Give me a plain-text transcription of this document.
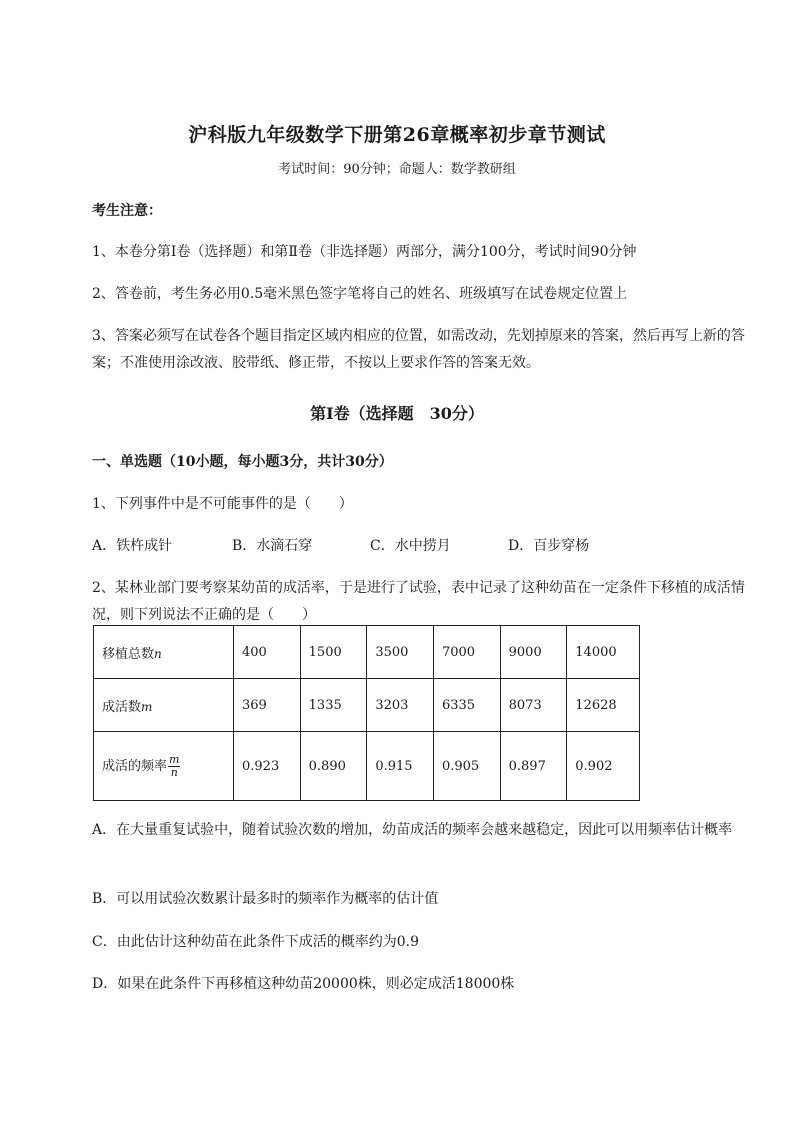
沪科版九年级数学下册第26章概率初步章节测试
考试时间：90分钟；命题人：数学教研组
考生注意：
1、本卷分第I卷（选择题）和第Ⅱ卷（非选择题）两部分，满分100分，考试时间90分钟
2、答卷前，考生务必用0.5毫米黑色签字笔将自己的姓名、班级填写在试卷规定位置上
3、答案必须写在试卷各个题目指定区域内相应的位置，如需改动，先划掉原来的答案，然后再写上新的答案；不准使用涂改液、胶带纸、修正带，不按以上要求作答的答案无效。
第I卷（选择题　30分）
一、单选题（10小题，每小题3分，共计30分）
1、下列事件中是不可能事件的是（　　）
A．铁杵成针	B．水滴石穿	C．水中捞月	D．百步穿杨
2、某林业部门要考察某幼苗的成活率，于是进行了试验，表中记录了这种幼苗在一定条件下移植的成活情况，则下列说法不正确的是（　　）
移植总数n	400	1500	3500	7000	9000	14000
成活数m	369	1335	3203	6335	8073	12628
成活的频率 $\frac{m}{n}$	0.923	0.890	0.915	0.905	0.897	0.902
A．在大量重复试验中，随着试验次数的增加，幼苗成活的频率会越来越稳定，因此可以用频率估计概率
B．可以用试验次数累计最多时的频率作为概率的估计值
C．由此估计这种幼苗在此条件下成活的概率约为0.9
D．如果在此条件下再移植这种幼苗20000株，则必定成活18000株
